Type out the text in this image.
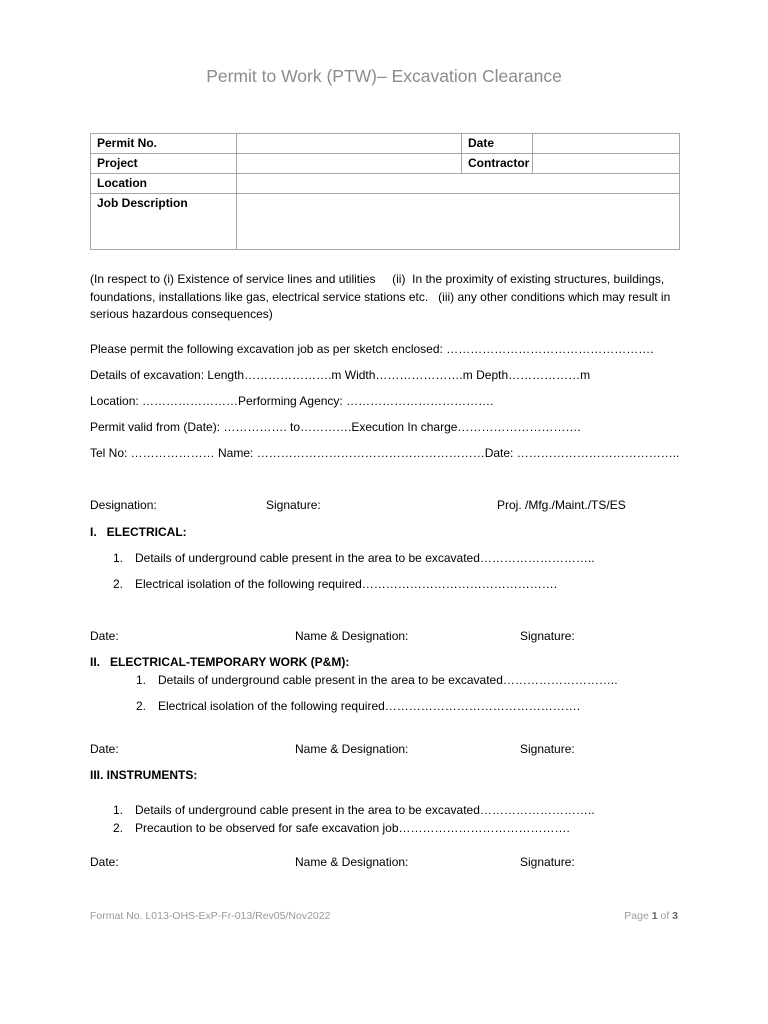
Permit to Work (PTW)– Excavation Clearance
Permit No.		Date	
Project		Contractor	
Location			
Job Description			
(In respect to (i) Existence of service lines and utilities     (ii)  In the proximity of existing structures, buildings, foundations, installations like gas, electrical service stations etc.   (iii) any other conditions which may result in serious hazardous consequences)
Please permit the following excavation job as per sketch enclosed: …………………………………………….
Details of excavation: Length………………….m Width………………….m Depth………………m
Location: ……………………Performing Agency: ……………………………….
Permit valid from (Date): ……………. to………….Execution In charge………………………….
Tel No: ………………… Name: …………………………………………………Date: …………………………………..
Designation:	Signature:	Proj. /Mfg./Maint./TS/ES
I.   ELECTRICAL:
1. Details of underground cable present in the area to be excavated………………………..
2. Electrical isolation of the following required………………………………………….
Date:	Name & Designation:	Signature:
II.   ELECTRICAL-TEMPORARY WORK (P&M):
1. Details of underground cable present in the area to be excavated………………………..
2. Electrical isolation of the following required………………………………………….
Date:	Name & Designation:	Signature:
III. INSTRUMENTS:
1. Details of underground cable present in the area to be excavated………………………..
2. Precaution to be observed for safe excavation job…………………………………….
Date:	Name & Designation:	Signature:
Format No. L013-OHS-ExP-Fr-013/Rev05/Nov2022	Page 1 of 3
